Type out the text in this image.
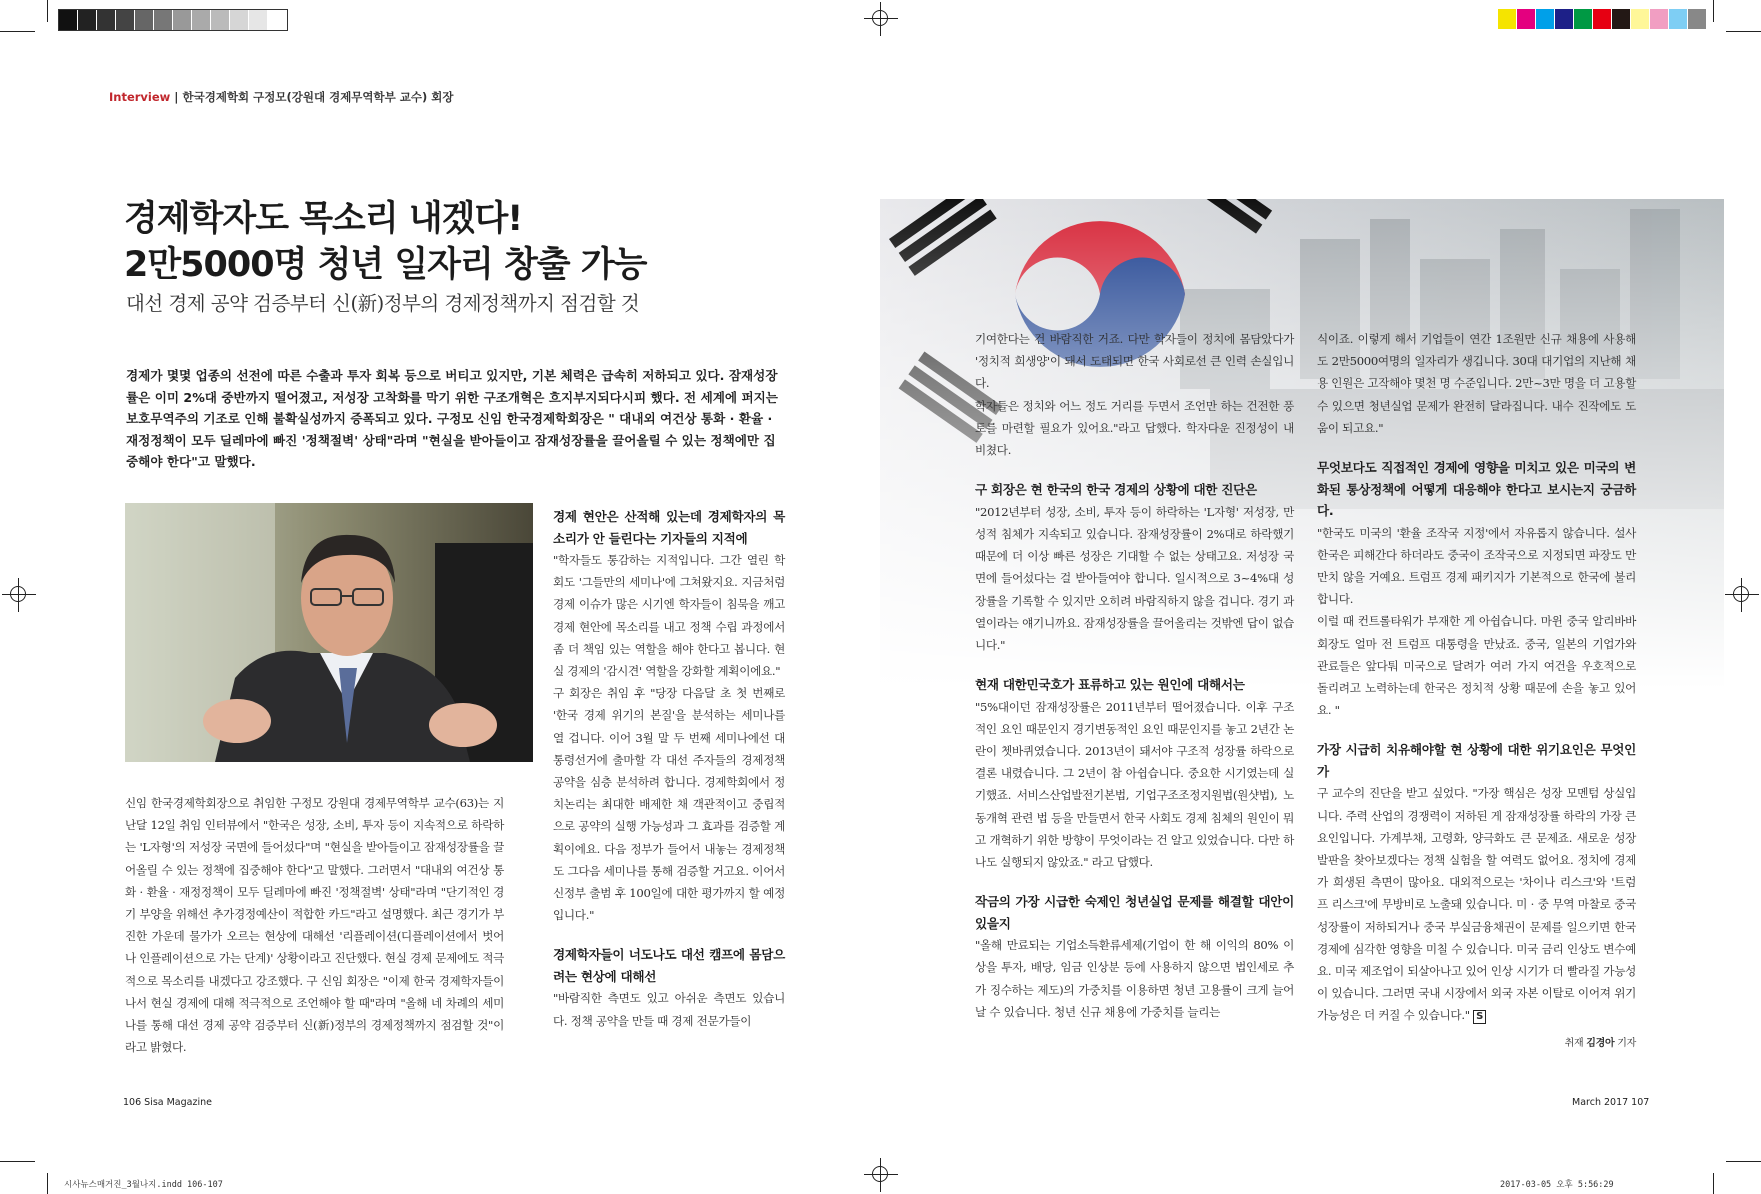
Interview | 한국경제학회 구정모(강원대 경제무역학부 교수) 회장
경제학자도 목소리 내겠다!
2만5000명 청년 일자리 창출 가능
대선 경제 공약 검증부터 신(新)정부의 경제정책까지 점검할 것
경제가 몇몇 업종의 선전에 따른 수출과 투자 회복 등으로 버티고 있지만, 기본 체력은 급속히 저하되고 있다. 잠재성장률은 이미 2%대 중반까지 떨어졌고, 저성장 고착화를 막기 위한 구조개혁은 흐지부지되다시피 했다. 전 세계에 퍼지는 보호무역주의 기조로 인해 불확실성까지 증폭되고 있다. 구정모 신임 한국경제학회장은 " 대내외 여건상 통화 · 환율 · 재정정책이 모두 딜레마에 빠진 '정책절벽' 상태"라며 "현실을 받아들이고 잠재성장률을 끌어올릴 수 있는 정책에만 집중해야 한다"고 말했다.

신임 한국경제학회장으로 취임한 구정모 강원대 경제무역학부 교수(63)는 지난달 12일 취임 인터뷰에서 "한국은 성장, 소비, 투자 등이 지속적으로 하락하는 'L자형'의 저성장 국면에 들어섰다"며 "현실을 받아들이고 잠재성장률을 끌어올릴 수 있는 정책에 집중해야 한다"고 말했다. 그러면서 "대내외 여건상 통화 · 환율 · 재정정책이 모두 딜레마에 빠진 '정책절벽' 상태"라며 "단기적인 경기 부양을 위해선 추가경정예산이 적합한 카드"라고 설명했다. 최근 경기가 부진한 가운데 물가가 오르는 현상에 대해선 '리플레이션(디플레이션에서 벗어나 인플레이션으로 가는 단계)' 상황이라고 진단했다. 현실 경제 문제에도 적극적으로 목소리를 내겠다고 강조했다. 구 신임 회장은 "이제 한국 경제학자들이 나서 현실 경제에 대해 적극적으로 조언해야 할 때"라며 "올해 네 차례의 세미나를 통해 대선 경제 공약 검증부터 신(新)정부의 경제정책까지 점검할 것"이라고 밝혔다.

경제 현안은 산적해 있는데 경제학자의 목소리가 안 들린다는 기자들의 지적에

"학자들도 통감하는 지적입니다. 그간 열린 학회도 '그들만의 세미나'에 그쳐왔지요. 지금처럼 경제 이슈가 많은 시기엔 학자들이 침묵을 깨고 경제 현안에 목소리를 내고 정책 수립 과정에서 좀 더 책임 있는 역할을 해야 한다고 봅니다. 현실 경제의 '감시견' 역할을 강화할 계획이에요."

구 회장은 취임 후 "당장 다음달 초 첫 번째로 '한국 경제 위기의 본질'을 분석하는 세미나를 열 겁니다. 이어 3월 말 두 번째 세미나에선 대통령선거에 출마할 각 대선 주자들의 경제정책 공약을 심층 분석하려 합니다. 경제학회에서 정치논리는 최대한 배제한 채 객관적이고 중립적으로 공약의 실행 가능성과 그 효과를 검증할 계획이에요. 다음 정부가 들어서 내놓는 경제정책도 그다음 세미나를 통해 검증할 거고요. 이어서 신정부 출범 후 100일에 대한 평가까지 할 예정입니다."

경제학자들이 너도나도 대선 캠프에 몸담으려는 현상에 대해선

"바람직한 측면도 있고 아쉬운 측면도 있습니다. 정책 공약을 만들 때 경제 전문가들이

기여한다는 건 바람직한 거죠. 다만 학자들이 정치에 몸담았다가 '정치적 희생양'이 돼서 도태되면 한국 사회로선 큰 인력 손실입니다.

학자들은 정치와 어느 정도 거리를 두면서 조언만 하는 건전한 풍토를 마련할 필요가 있어요."라고 답했다. 학자다운 진정성이 내 비쳤다.

구 회장은 현 한국의 한국 경제의 상황에 대한 진단은

"2012년부터 성장, 소비, 투자 등이 하락하는 'L자형' 저성장, 만성적 침체가 지속되고 있습니다. 잠재성장률이 2%대로 하락했기 때문에 더 이상 빠른 성장은 기대할 수 없는 상태고요. 저성장 국면에 들어섰다는 걸 받아들여야 합니다. 일시적으로 3~4%대 성장률을 기록할 수 있지만 오히려 바람직하지 않을 겁니다. 경기 과열이라는 얘기니까요. 잠재성장률을 끌어올리는 것밖엔 답이 없습니다."

현재 대한민국호가 표류하고 있는 원인에 대해서는

"5%대이던 잠재성장률은 2011년부터 떨어졌습니다. 이후 구조적인 요인 때문인지 경기변동적인 요인 때문인지를 놓고 2년간 논란이 쳇바퀴였습니다. 2013년이 돼서야 구조적 성장률 하락으로 결론 내렸습니다. 그 2년이 참 아쉽습니다. 중요한 시기였는데 실기했죠. 서비스산업발전기본법, 기업구조조정지원법(원샷법), 노동개혁 관련 법 등을 만들면서 한국 사회도 경제 침체의 원인이 뭐고 개혁하기 위한 방향이 무엇이라는 건 알고 있었습니다. 다만 하나도 실행되지 않았죠." 라고 답했다.

작금의 가장 시급한 숙제인 청년실업 문제를 해결할 대안이 있을지

"올해 만료되는 기업소득환류세제(기업이 한 해 이익의 80% 이상을 투자, 배당, 임금 인상분 등에 사용하지 않으면 법인세로 추가 징수하는 제도)의 가중치를 이용하면 청년 고용률이 크게 늘어날 수 있습니다. 청년 신규 채용에 가중치를 늘리는

식이죠. 이렇게 해서 기업들이 연간 1조원만 신규 채용에 사용해도 2만5000여명의 일자리가 생깁니다. 30대 대기업의 지난해 채용 인원은 고작해야 몇천 명 수준입니다. 2만~3만 명을 더 고용할 수 있으면 청년실업 문제가 완전히 달라집니다. 내수 진작에도 도움이 되고요."

무엇보다도 직접적인 경제에 영향을 미치고 있은 미국의 변화된 통상정책에 어떻게 대응해야 한다고 보시는지 궁금하다.

"한국도 미국의 '환율 조작국 지정'에서 자유롭지 않습니다. 설사 한국은 피해간다 하더라도 중국이 조작국으로 지정되면 파장도 만만치 않을 거예요. 트럼프 경제 패키지가 기본적으로 한국에 불리합니다.

이럴 때 컨트롤타워가 부재한 게 아쉽습니다. 마윈 중국 알리바바 회장도 얼마 전 트럼프 대통령을 만났죠. 중국, 일본의 기업가와 관료들은 앞다퉈 미국으로 달려가 여러 가지 여건을 우호적으로 돌리려고 노력하는데 한국은 정치적 상황 때문에 손을 놓고 있어요. "

가장 시급히 치유해야할 현 상황에 대한 위기요인은 무엇인가

구 교수의 진단을 받고 싶었다. "가장 핵심은 성장 모멘텀 상실입니다. 주력 산업의 경쟁력이 저하된 게 잠재성장률 하락의 가장 큰 요인입니다. 가계부채, 고령화, 양극화도 큰 문제죠. 새로운 성장 발판을 찾아보겠다는 정책 실험을 할 여력도 없어요. 정치에 경제가 희생된 측면이 많아요. 대외적으로는 '차이나 리스크'와 '트럼프 리스크'에 무방비로 노출돼 있습니다. 미 · 중 무역 마찰로 중국 성장률이 저하되거나 중국 부실금융채권이 문제를 일으키면 한국 경제에 심각한 영향을 미칠 수 있습니다. 미국 금리 인상도 변수예요. 미국 제조업이 되살아나고 있어 인상 시기가 더 빨라질 가능성이 있습니다. 그러면 국내 시장에서 외국 자본 이탈로 이어져 위기 가능성은 더 커질 수 있습니다." S

취재 김경아 기자
106 Sisa Magazine	March 2017 107
시사뉴스매거진_3월나지.indd 106-107	2017-03-05 오후 5:56:29
